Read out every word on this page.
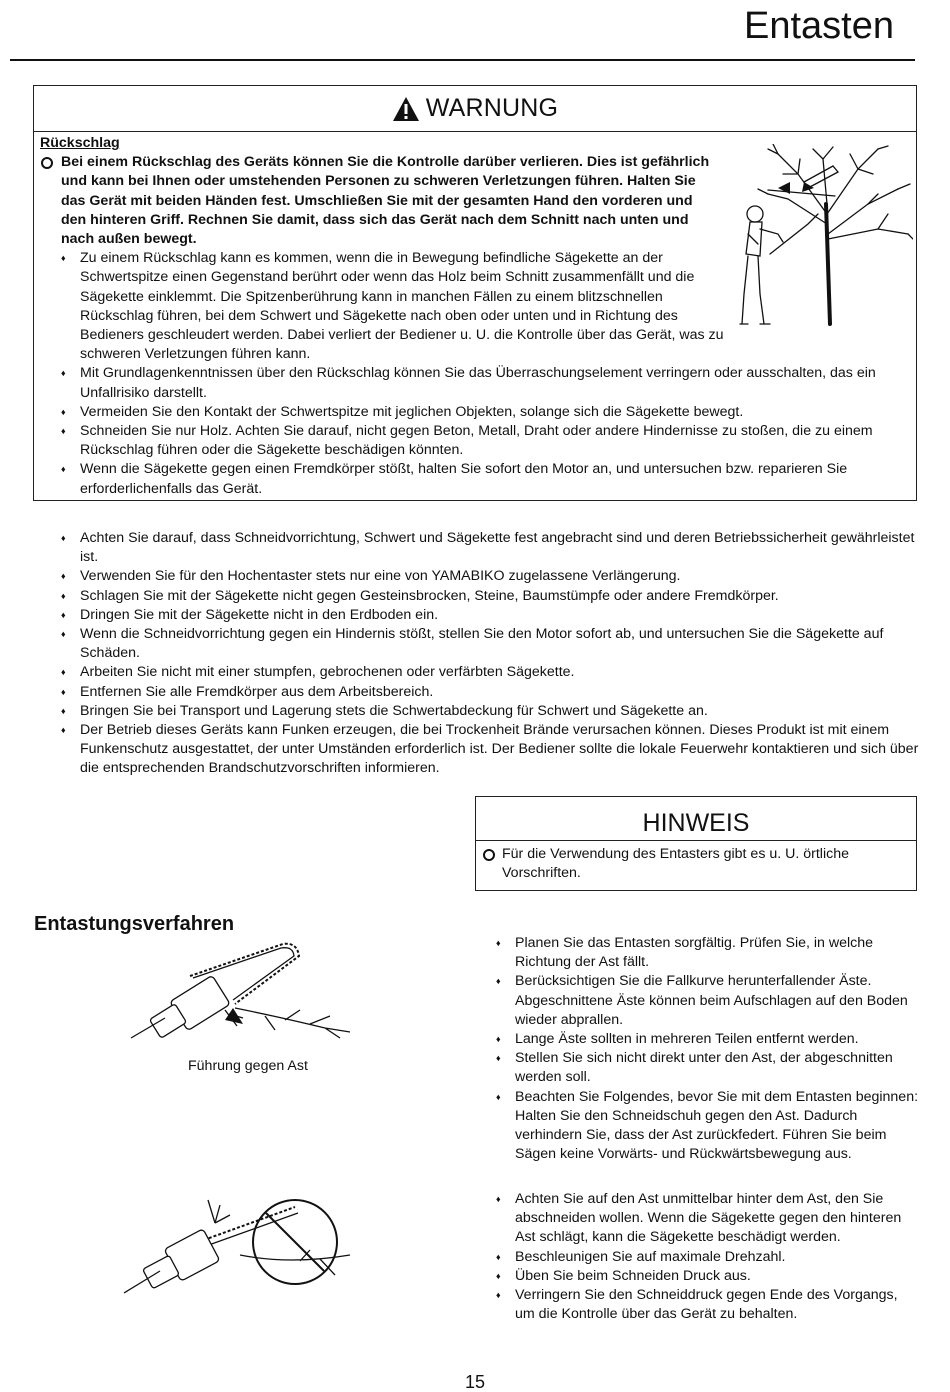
Entasten
WARNUNG
Rückschlag
Bei einem Rückschlag des Geräts können Sie die Kontrolle darüber verlieren. Dies ist gefährlich und kann bei Ihnen oder umstehenden Personen zu schweren Verletzungen führen. Halten Sie das Gerät mit beiden Händen fest. Umschließen Sie mit der gesamten Hand den vorderen und den hinteren Griff. Rechnen Sie damit, dass sich das Gerät nach dem Schnitt nach unten und nach außen bewegt.
♦ Zu einem Rückschlag kann es kommen, wenn die in Bewegung befindliche Sägekette an der Schwertspitze einen Gegenstand berührt oder wenn das Holz beim Schnitt zusammenfällt und die Sägekette einklemmt. Die Spitzenberührung kann in manchen Fällen zu einem blitzschnellen Rückschlag führen, bei dem Schwert und Sägekette nach oben oder unten und in Richtung des Bedieners geschleudert werden. Dabei verliert der Bediener u. U. die Kontrolle über das Gerät, was zu schweren Verletzungen führen kann.
♦ Mit Grundlagenkenntnissen über den Rückschlag können Sie das Überraschungselement verringern oder ausschalten, das ein Unfallrisiko darstellt.
♦ Vermeiden Sie den Kontakt der Schwertspitze mit jeglichen Objekten, solange sich die Sägekette bewegt.
♦ Schneiden Sie nur Holz. Achten Sie darauf, nicht gegen Beton, Metall, Draht oder andere Hindernisse zu stoßen, die zu einem Rückschlag führen oder die Sägekette beschädigen könnten.
♦ Wenn die Sägekette gegen einen Fremdkörper stößt, halten Sie sofort den Motor an, und untersuchen bzw. reparieren Sie erforderlichenfalls das Gerät.
♦ Achten Sie darauf, dass Schneidvorrichtung, Schwert und Sägekette fest angebracht sind und deren Betriebssicherheit gewährleistet ist.
♦ Verwenden Sie für den Hochentaster stets nur eine von YAMABIKO zugelassene Verlängerung.
♦ Schlagen Sie mit der Sägekette nicht gegen Gesteinsbrocken, Steine, Baumstümpfe oder andere Fremdkörper.
♦ Dringen Sie mit der Sägekette nicht in den Erdboden ein.
♦ Wenn die Schneidvorrichtung gegen ein Hindernis stößt, stellen Sie den Motor sofort ab, und untersuchen Sie die Sägekette auf Schäden.
♦ Arbeiten Sie nicht mit einer stumpfen, gebrochenen oder verfärbten Sägekette.
♦ Entfernen Sie alle Fremdkörper aus dem Arbeitsbereich.
♦ Bringen Sie bei Transport und Lagerung stets die Schwertabdeckung für Schwert und Sägekette an.
♦ Der Betrieb dieses Geräts kann Funken erzeugen, die bei Trockenheit Brände verursachen können. Dieses Produkt ist mit einem Funkenschutz ausgestattet, der unter Umständen erforderlich ist. Der Bediener sollte die lokale Feuerwehr kontaktieren und sich über die entsprechenden Brandschutzvorschriften informieren.
HINWEIS
Für die Verwendung des Entasters gibt es u. U. örtliche Vorschriften.
Entastungsverfahren
Führung gegen Ast
♦ Planen Sie das Entasten sorgfältig. Prüfen Sie, in welche Richtung der Ast fällt.
♦ Berücksichtigen Sie die Fallkurve herunterfallender Äste. Abgeschnittene Äste können beim Aufschlagen auf den Boden wieder abprallen.
♦ Lange Äste sollten in mehreren Teilen entfernt werden.
♦ Stellen Sie sich nicht direkt unter den Ast, der abgeschnitten werden soll.
♦ Beachten Sie Folgendes, bevor Sie mit dem Entasten beginnen: Halten Sie den Schneidschuh gegen den Ast. Dadurch verhindern Sie, dass der Ast zurückfedert. Führen Sie beim Sägen keine Vorwärts- und Rückwärtsbewegung aus.
♦ Achten Sie auf den Ast unmittelbar hinter dem Ast, den Sie abschneiden wollen. Wenn die Sägekette gegen den hinteren Ast schlägt, kann die Sägekette beschädigt werden.
♦ Beschleunigen Sie auf maximale Drehzahl.
♦ Üben Sie beim Schneiden Druck aus.
♦ Verringern Sie den Schneiddruck gegen Ende des Vorgangs, um die Kontrolle über das Gerät zu behalten.
15
